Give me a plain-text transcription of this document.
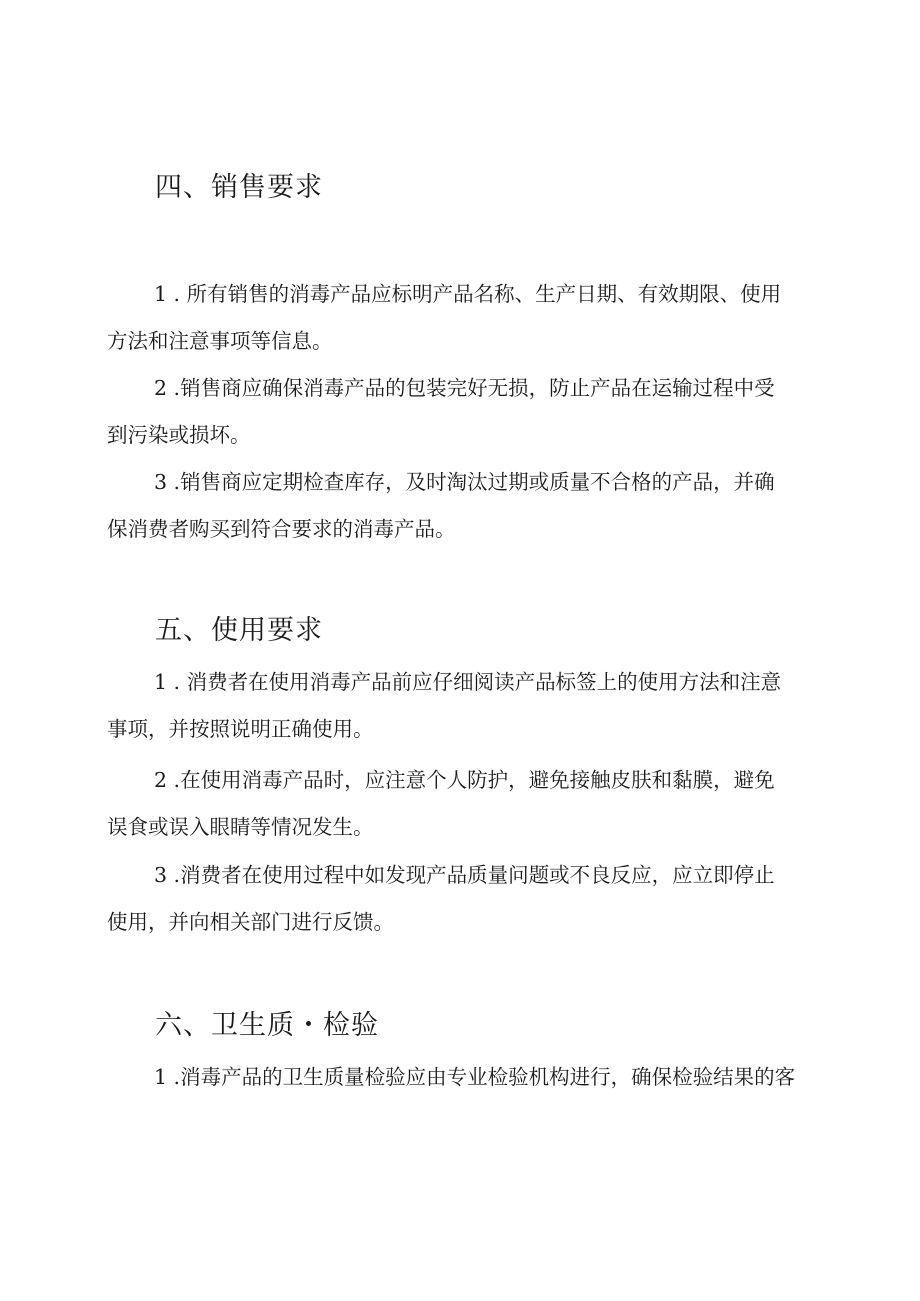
四、销售要求

1 . 所有销售的消毒产品应标明产品名称、生产日期、有效期限、使用
方法和注意事项等信息。

2 .销售商应确保消毒产品的包装完好无损，防止产品在运输过程中受
到污染或损坏。

3 .销售商应定期检查库存，及时淘汰过期或质量不合格的产品，并确
保消费者购买到符合要求的消毒产品。

五、使用要求

1 . 消费者在使用消毒产品前应仔细阅读产品标签上的使用方法和注意
事项，并按照说明正确使用。

2 .在使用消毒产品时，应注意个人防护，避免接触皮肤和黏膜，避免
误食或误入眼睛等情况发生。

3 .消费者在使用过程中如发现产品质量问题或不良反应，应立即停止
使用，并向相关部门进行反馈。

六、卫生质・检验

1 .消毒产品的卫生质量检验应由专业检验机构进行，确保检验结果的客
